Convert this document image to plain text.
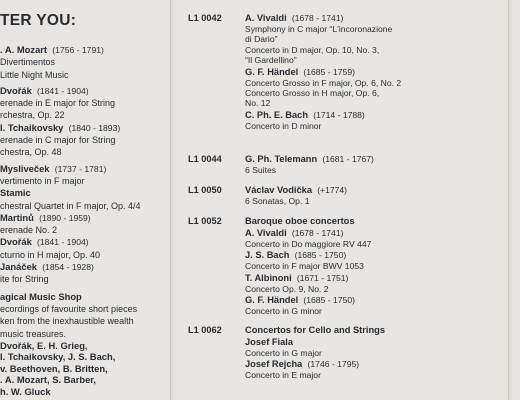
TER YOU:
. A. Mozart (1756 - 1791)
Divertimentos
Little Night Music
Dvořák (1841 - 1904)
erenade in E major for String
rchestra, Op. 22
I. Tchaikovsky (1840 - 1893)
erenade in C major for String
chestra, Op. 48
Mysliveček (1737 - 1781)
vertimento in F major
Stamic
chestral Quartet in F major, Op. 4/4
Martinů (1890 - 1959)
erenade No. 2
Dvořák (1841 - 1904)
cturno in H major, Op. 40
Janáček (1854 - 1928)
ite for String
agical Music Shop
ecordings of favourite short pieces
ken from the inexhaustible wealth
music treasures.
Dvořák, E. H. Grieg,
I. Tchaikovsky, J. S. Bach,
v. Beethoven, B. Britten,
. A. Mozart, S. Barber,
h. W. Gluck
L1 0042	A. Vivaldi (1678 - 1741)
Symphony in C major “L'incoronazione
di Dario”
Concerto in D major, Op. 10, No. 3,
“Il Gardellino”
G. F. Händel (1685 - 1759)
Concerto Grosso in F major, Op. 6, No. 2
Concerto Grosso in H major, Op. 6,
No. 12
C. Ph. E. Bach (1714 - 1788)
Concerto in D minor
L1 0044	G. Ph. Telemann (1681 - 1767)
6 Suites
L1 0050	Václav Vodička (+1774)
6 Sonatas, Op. 1
L1 0052	Baroque oboe concertos
A. Vivaldi (1678 - 1741)
Concerto in Do maggiore RV 447
J. S. Bach (1685 - 1750)
Concerto in F major BWV 1053
T. Albinoni (1671 - 1751)
Concerto Op. 9, No. 2
G. F. Händel (1685 - 1750)
Concerto in G minor
L1 0062	Concertos for Cello and Strings
Josef Fiala
Concerto in G major
Josef Rejcha (1746 - 1795)
Concerto in E major
